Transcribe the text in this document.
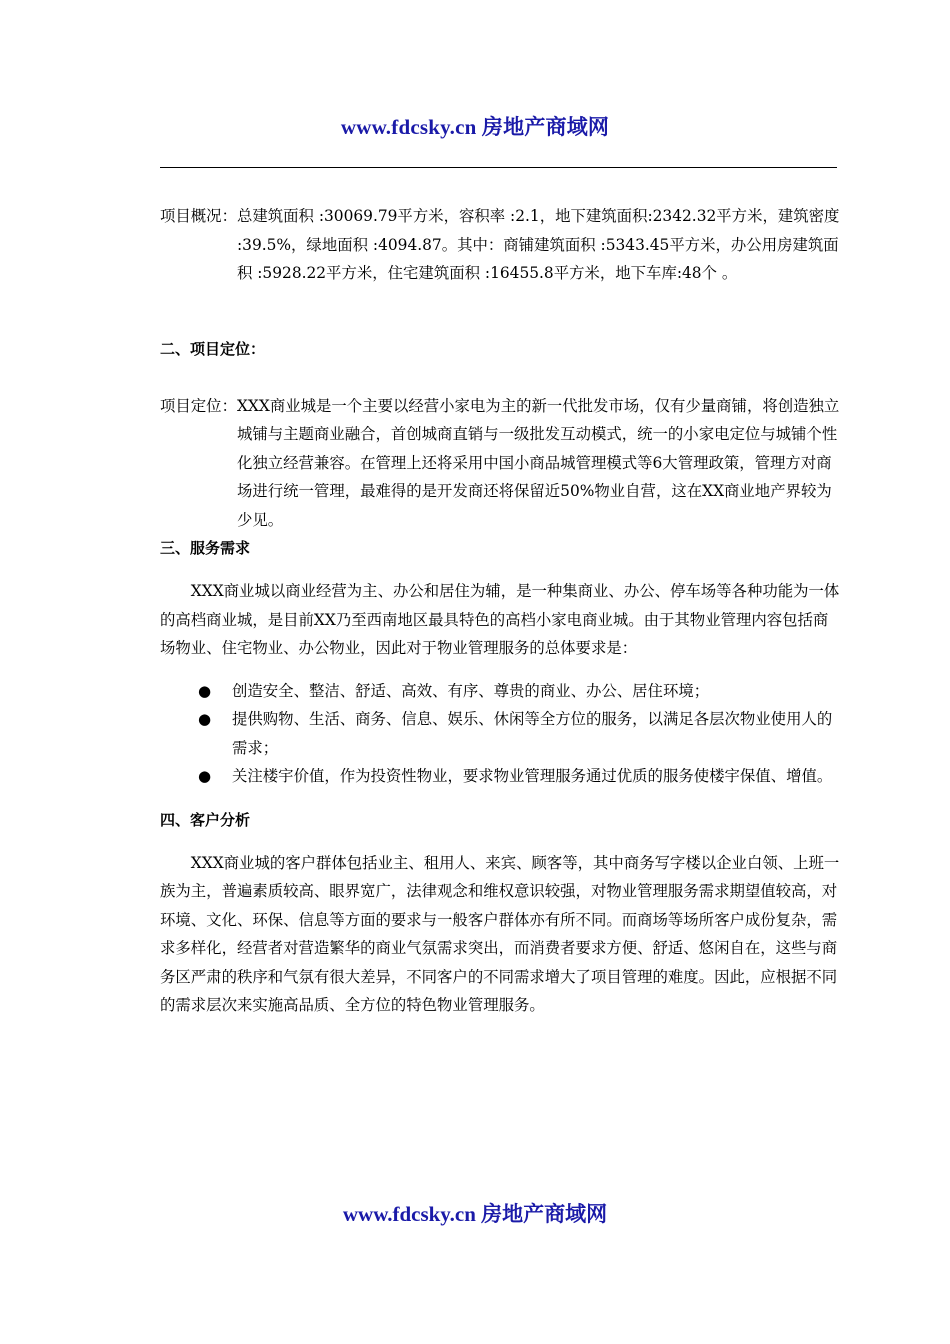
www.fdcsky.cn 房地产商域网
项目概况： 总建筑面积 :30069.79平方米，容积率 :2.1，地下建筑面积:2342.32平方米，建筑密度 :39.5%，绿地面积 :4094.87。其中：商铺建筑面积 :5343.45平方米，办公用房建筑面积 :5928.22平方米，住宅建筑面积 :16455.8平方米，地下车库:48个 。
二、项目定位：
项目定位： XXX商业城是一个主要以经营小家电为主的新一代批发市场，仅有少量商铺，将创造独立城铺与主题商业融合，首创城商直销与一级批发互动模式，统一的小家电定位与城铺个性化独立经营兼容。在管理上还将采用中国小商品城管理模式等6大管理政策，管理方对商场进行统一管理，最难得的是开发商还将保留近50%物业自营，这在XX商业地产界较为少见。
三、服务需求

XXX商业城以商业经营为主、办公和居住为辅，是一种集商业、办公、停车场等各种功能为一体的高档商业城，是目前XX乃至西南地区最具特色的高档小家电商业城。由于其物业管理内容包括商场物业、住宅物业、办公物业，因此对于物业管理服务的总体要求是：

●	创造安全、整洁、舒适、高效、有序、尊贵的商业、办公、居住环境；
●	提供购物、生活、商务、信息、娱乐、休闲等全方位的服务，以满足各层次物业使用人的需求；
●	关注楼宇价值，作为投资性物业，要求物业管理服务通过优质的服务使楼宇保值、增值。
四、客户分析

XXX商业城的客户群体包括业主、租用人、来宾、顾客等，其中商务写字楼以企业白领、上班一族为主，普遍素质较高、眼界宽广，法律观念和维权意识较强，对物业管理服务需求期望值较高，对环境、文化、环保、信息等方面的要求与一般客户群体亦有所不同。而商场等场所客户成份复杂，需求多样化，经营者对营造繁华的商业气氛需求突出，而消费者要求方便、舒适、悠闲自在，这些与商务区严肃的秩序和气氛有很大差异，不同客户的不同需求增大了项目管理的难度。因此，应根据不同的需求层次来实施高品质、全方位的特色物业管理服务。

www.fdcsky.cn 房地产商域网
